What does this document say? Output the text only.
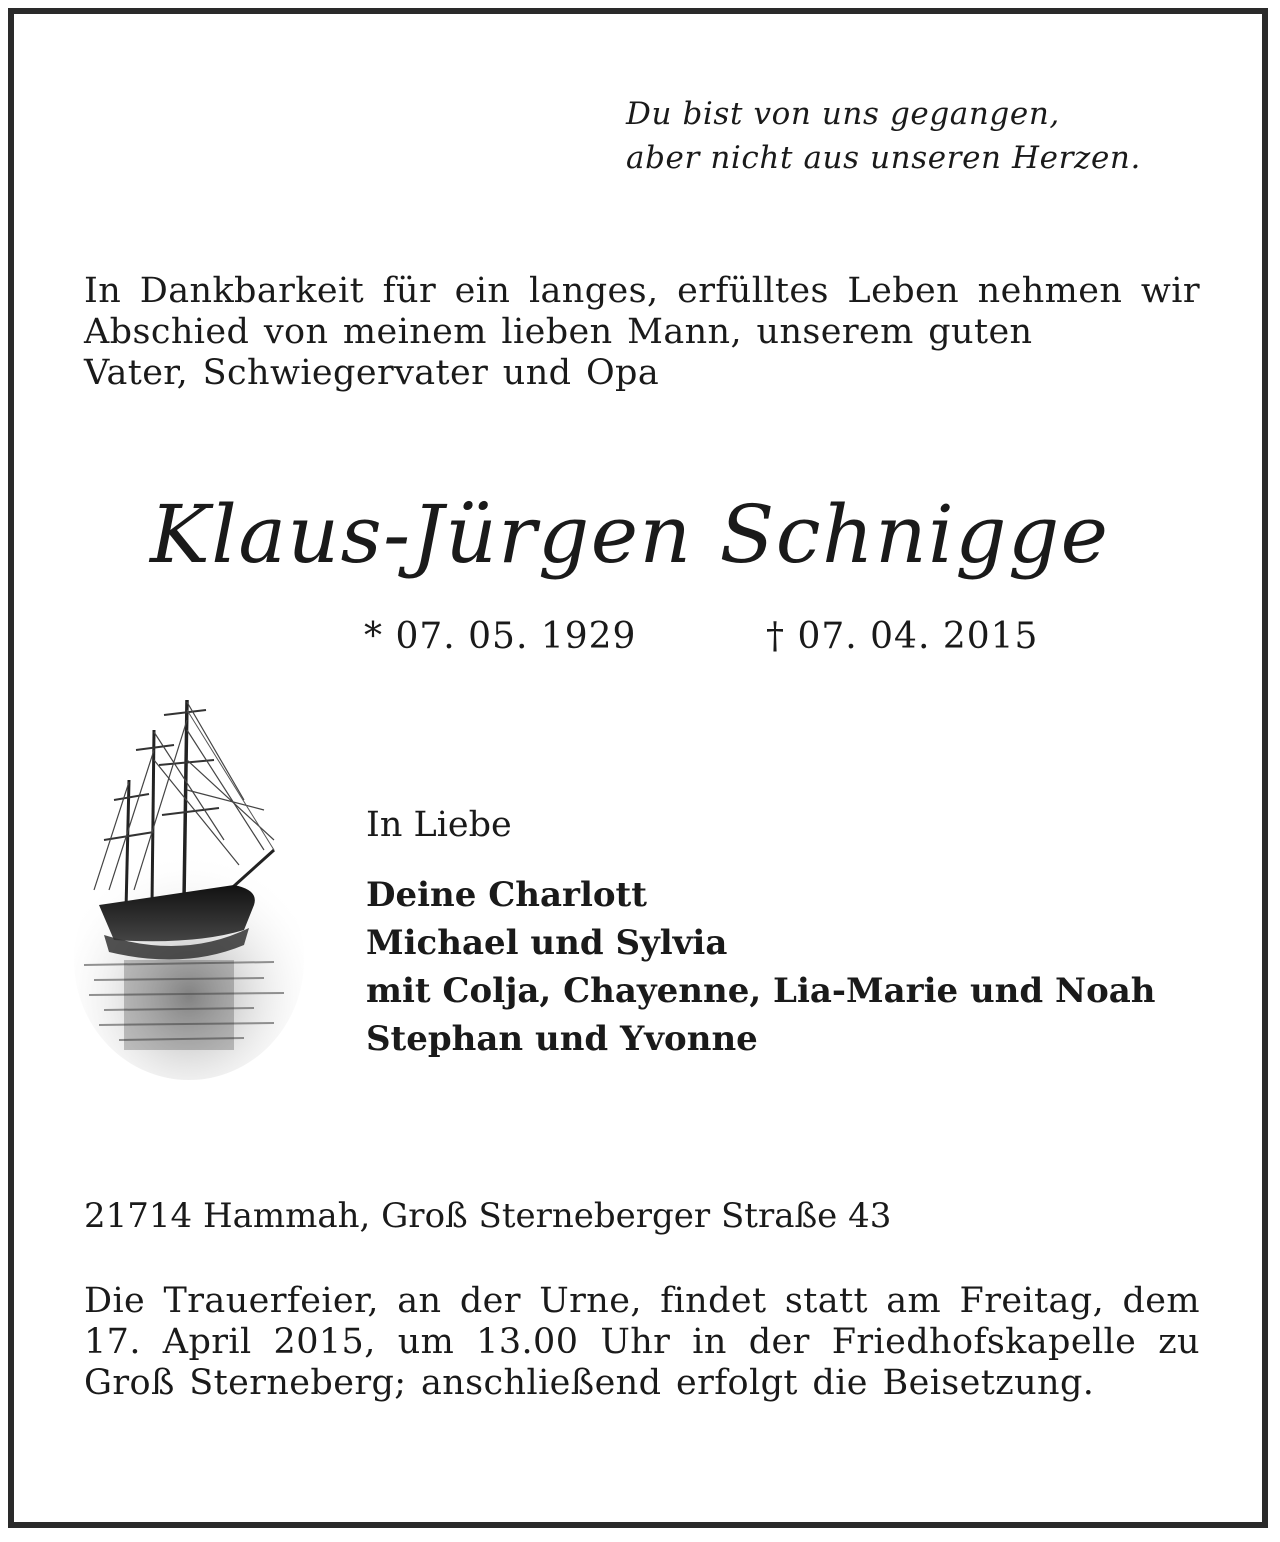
Du bist von uns gegangen,
aber nicht aus unseren Herzen.

In Dankbarkeit für ein langes, erfülltes Leben nehmen wir Abschied von meinem lieben Mann, unserem guten
Vater, Schwiegervater und Opa

Klaus-Jürgen Schnigge
* 07. 05. 1929	† 07. 04. 2015
In Liebe
Deine Charlott
Michael und Sylvia
mit Colja, Chayenne, Lia-Marie und Noah
Stephan und Yvonne
21714 Hammah, Groß Sterneberger Straße 43

Die Trauerfeier, an der Urne, findet statt am Freitag, dem 17. April 2015, um 13.00 Uhr in der Friedhofskapelle zu Groß Sterneberg; anschließend erfolgt die Beisetzung.
